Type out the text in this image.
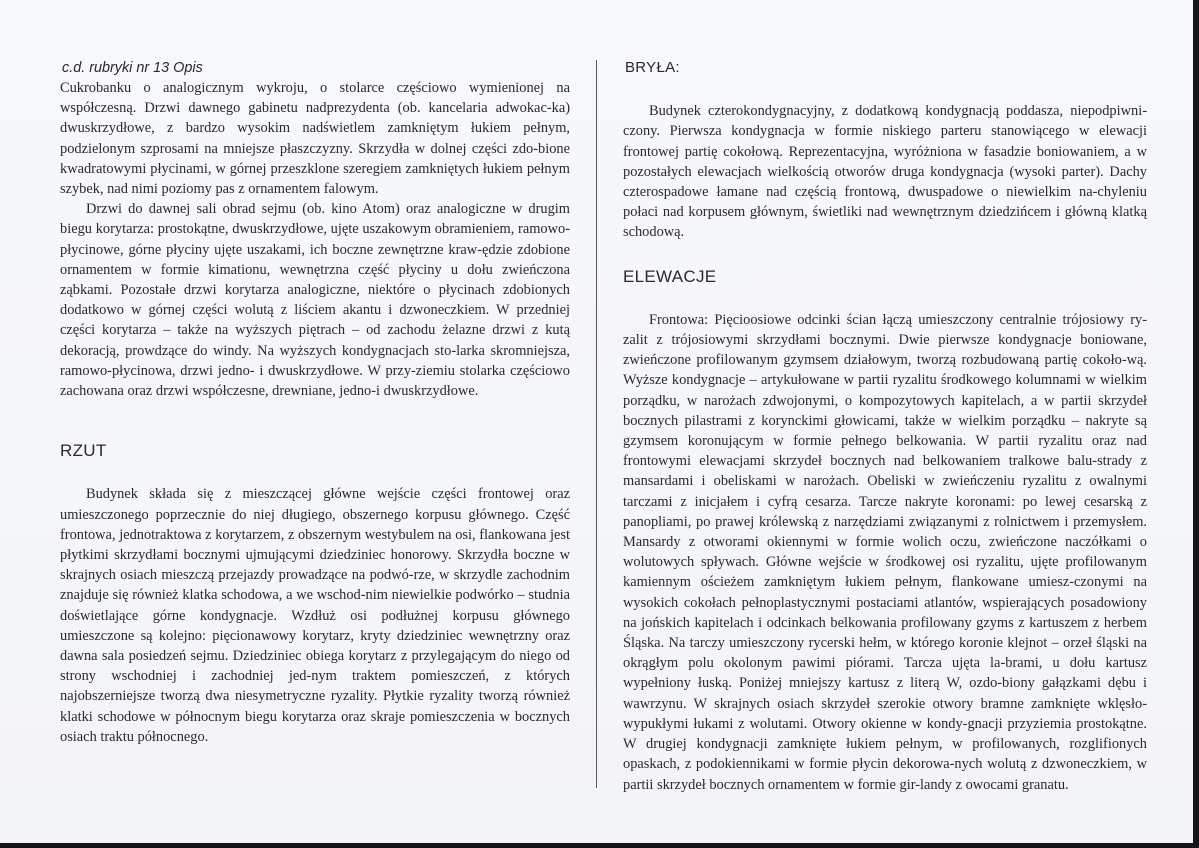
c.d. rubryki nr 13 Opis

Cukrobanku o analogicznym wykroju, o stolarce częściowo wymienionej na współczesną. Drzwi dawnego gabinetu nadprezydenta (ob. kancelaria adwokac-ka) dwuskrzydłowe, z bardzo wysokim nadświetlem zamkniętym łukiem pełnym, podzielonym szprosami na mniejsze płaszczyzny. Skrzydła w dolnej części zdo-bione kwadratowymi płycinami, w górnej przeszklone szeregiem zamkniętych łukiem pełnym szybek, nad nimi poziomy pas z ornamentem falowym.

Drzwi do dawnej sali obrad sejmu (ob. kino Atom) oraz analogiczne w drugim biegu korytarza: prostokątne, dwuskrzydłowe, ujęte uszakowym obramieniem, ramowo-płycinowe, górne płyciny ujęte uszakami, ich boczne zewnętrzne kraw-ędzie zdobione ornamentem w formie kimationu, wewnętrzna część płyciny u dołu zwieńczona ząbkami. Pozostałe drzwi korytarza analogiczne, niektóre o płycinach zdobionych dodatkowo w górnej części wolutą z liściem akantu i dzwoneczkiem. W przedniej części korytarza – także na wyższych piętrach – od zachodu żelazne drzwi z kutą dekoracją, prowdzące do windy. Na wyższych kondygnacjach sto-larka skromniejsza, ramowo-płycinowa, drzwi jedno- i dwuskrzydłowe. W przy-ziemiu stolarka częściowo zachowana oraz drzwi współczesne, drewniane, jedno-i dwuskrzydłowe.

RZUT

Budynek składa się z mieszczącej główne wejście części frontowej oraz umieszczonego poprzecznie do niej długiego, obszernego korpusu głównego. Część frontowa, jednotraktowa z korytarzem, z obszernym westybulem na osi, flankowana jest płytkimi skrzydłami bocznymi ujmującymi dziedziniec honorowy. Skrzydła boczne w skrajnych osiach mieszczą przejazdy prowadzące na podwó-rze, w skrzydle zachodnim znajduje się również klatka schodowa, a we wschod-nim niewielkie podwórko – studnia doświetlające górne kondygnacje. Wzdłuż osi podłużnej korpusu głównego umieszczone są kolejno: pięcionawowy korytarz, kryty dziedziniec wewnętrzny oraz dawna sala posiedzeń sejmu. Dziedziniec obiega korytarz z przylegającym do niego od strony wschodniej i zachodniej jed-nym traktem pomieszczeń, z których najobszerniejsze tworzą dwa niesymetryczne ryzality. Płytkie ryzality tworzą również klatki schodowe w północnym biegu korytarza oraz skraje pomieszczenia w bocznych osiach traktu północnego.

BRYŁA:

Budynek czterokondygnacyjny, z dodatkową kondygnacją poddasza, niepodpiwni-czony. Pierwsza kondygnacja w formie niskiego parteru stanowiącego w elewacji frontowej partię cokołową. Reprezentacyjna, wyróżniona w fasadzie boniowaniem, a w pozostałych elewacjach wielkością otworów druga kondygnacja (wysoki parter). Dachy czterospadowe łamane nad częścią frontową, dwuspadowe o niewielkim na-chyleniu połaci nad korpusem głównym, świetliki nad wewnętrznym dziedzińcem i główną klatką schodową.

ELEWACJE

Frontowa: Pięcioosiowe odcinki ścian łączą umieszczony centralnie trójosiowy ry-zalit z trójosiowymi skrzydłami bocznymi. Dwie pierwsze kondygnacje boniowane, zwieńczone profilowanym gzymsem działowym, tworzą rozbudowaną partię cokoło-wą. Wyższe kondygnacje – artykułowane w partii ryzalitu środkowego kolumnami w wielkim porządku, w narożach zdwojonymi, o kompozytowych kapitelach, a w partii skrzydeł bocznych pilastrami z korynckimi głowicami, także w wielkim porządku – nakryte są gzymsem koronującym w formie pełnego belkowania. W partii ryzalitu oraz nad frontowymi elewacjami skrzydeł bocznych nad belkowaniem tralkowe balu-strady z mansardami i obeliskami w narożach. Obeliski w zwieńczeniu ryzalitu z owalnymi tarczami z inicjałem i cyfrą cesarza. Tarcze nakryte koronami: po lewej cesarską z panopliami, po prawej królewską z narzędziami związanymi z rolnictwem i przemysłem. Mansardy z otworami okiennymi w formie wolich oczu, zwieńczone naczółkami o wolutowych spływach. Główne wejście w środkowej osi ryzalitu, ujęte profilowanym kamiennym ościeżem zamkniętym łukiem pełnym, flankowane umiesz-czonymi na wysokich cokołach pełnoplastycznymi postaciami atlantów, wspierających posadowiony na jońskich kapitelach i odcinkach belkowania profilowany gzyms z kartuszem z herbem Śląska. Na tarczy umieszczony rycerski hełm, w którego koronie klejnot – orzeł śląski na okrągłym polu okolonym pawimi piórami. Tarcza ujęta la-brami, u dołu kartusz wypełniony łuską. Poniżej mniejszy kartusz z literą W, ozdo-biony gałązkami dębu i wawrzynu. W skrajnych osiach skrzydeł szerokie otwory bramne zamknięte wklęsło-wypukłymi łukami z wolutami. Otwory okienne w kondy-gnacji przyziemia prostokątne. W drugiej kondygnacji zamknięte łukiem pełnym, w profilowanych, rozglifionych opaskach, z podokiennikami w formie płycin dekorowa-nych wolutą z dzwoneczkiem, w partii skrzydeł bocznych ornamentem w formie gir-landy z owocami granatu.
